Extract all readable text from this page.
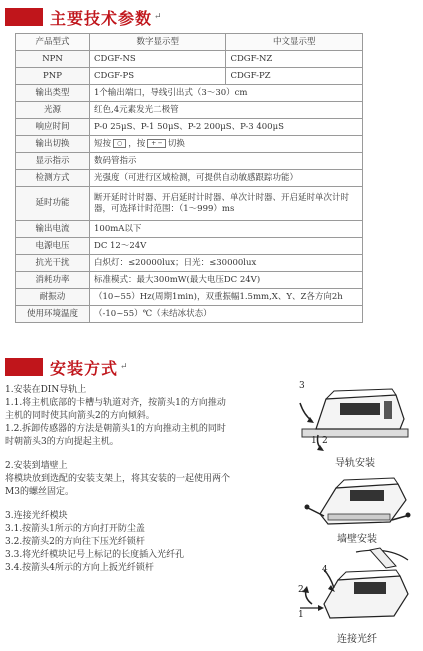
主要技术参数 ↵
产品型式	数字显示型	中文显示型
NPN	CDGF-NS	CDGF-NZ
PNP	CDGF-PS	CDGF-PZ
输出类型	1个输出端口，导线引出式（3～30）cm	
光源	红色,4元素发光二极管	
响应时间	P-0 25μS、P-1 50μS、P-2 200μS、P-3 400μS	
输出切换	短按 ○ ，按 + ─ 切换	
显示指示	数码管指示	
检测方式	光强度（可进行区域检测，可提供自动敏感跟踪功能）	
延时功能	断开延时计时器、开启延时计时器、单次计时器、开启延时单次计时器，可选择计时范围：（1～999）ms	
输出电流	100mA以下	
电源电压	DC 12～24V	
抗光干扰	白炽灯：≤20000lux；日光：≤30000lux	
消耗功率	标准模式：最大300mW(最大电压DC 24V)	
耐振动	（10~55）Hz(周期1min)，双重振幅1.5mm,X、Y、Z各方向2h	
使用环境温度	（-10~55）℃（未结冰状态）	
安装方式 ↵
1.安装在DIN导轨上
1.1.将主机底部的卡槽与轨道对齐，按箭头1的方向推动
主机的同时使其向箭头2的方向倾斜。
1.2.拆卸传感器的方法是朝箭头1的方向推动主机的同时
时朝箭头3的方向提起主机。
2.安装到墙壁上
将模块放到选配的安装支架上，将其安装的一起使用两个
M3的螺丝固定。
3.连接光纤模块
3.1.按箭头1所示的方向打开防尘盖
3.2.按箭头2的方向往下压光纤锁杆
3.3.将光纤模块记号上标记的长度插入光纤孔
3.4.按箭头4所示的方向上扳光纤锁杆
3
1 2
导轨安装
墙壁安装
4
2
1
连接光纤
